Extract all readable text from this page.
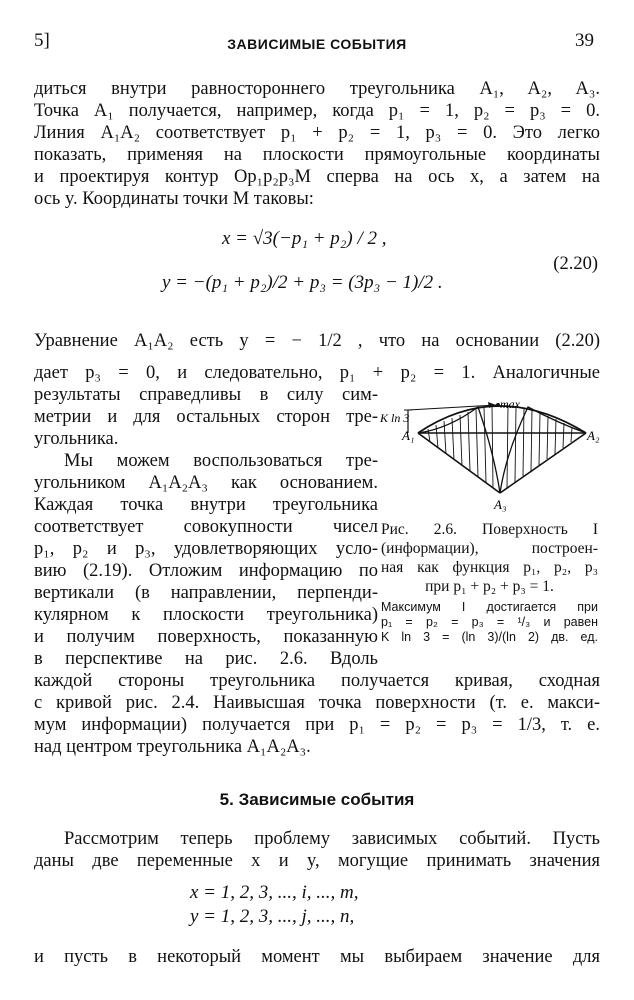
5]	ЗАВИСИМЫЕ СОБЫТИЯ	39
диться внутри равностороннего треугольника A₁, A₂, A₃.
Точка A₁ получается, например, когда p₁ = 1, p₂ = p₃ = 0.
Линия A₁A₂ соответствует p₁ + p₂ = 1, p₃ = 0. Это легко
показать, применяя на плоскости прямоугольные координаты
и проектируя контур Op₁p₂p₃M сперва на ось x, а затем на
ось y. Координаты точки M таковы:
x = √3(−p₁ + p₂) / 2 ,
y = −(p₁ + p₂)/2 + p₃ = (3p₃ − 1)/2 .
(2.20)
Уравнение A₁A₂ есть y = − 1/2 , что на основании (2.20)
дает p₃ = 0, и следовательно, p₁ + p₂ = 1. Аналогичные
результаты справедливы в силу сим-
метрии и для остальных сторон тре-
угольника.
Мы можем воспользоваться тре-
угольником A₁A₂A₃ как основанием.
Каждая точка внутри треугольника
соответствует совокупности чисел
p₁, p₂ и p₃, удовлетворяющих усло-
вию (2.19). Отложим информацию по
вертикали (в направлении, перпенди-
кулярном к плоскости треугольника)
и получим поверхность, показанную
в перспективе на рис. 2.6. Вдоль
каждой стороны треугольника получается кривая, сходная
с кривой рис. 2.4. Наивысшая точка поверхности (т. е. макси-
мум информации) получается при p₁ = p₂ = p₃ = 1/3, т. е.
над центром треугольника A₁A₂A₃.
max
K ln 3
A₁	A₂
A₃
Рис. 2.6. Поверхность I
(информации), построен-
ная как функция p₁, p₂, p₃
при p₁ + p₂ + p₃ = 1.
Максимум I достигается при
p₁ = p₂ = p₃ = ¹/₃ и равен
K ln 3 = (ln 3)/(ln 2) дв. ед.
5. Зависимые события
Рассмотрим теперь проблему зависимых событий. Пусть
даны две переменные x и y, могущие принимать значения
x = 1, 2, 3, ..., i, ..., m,
y = 1, 2, 3, ..., j, ..., n,
и пусть в некоторый момент мы выбираем значение для
